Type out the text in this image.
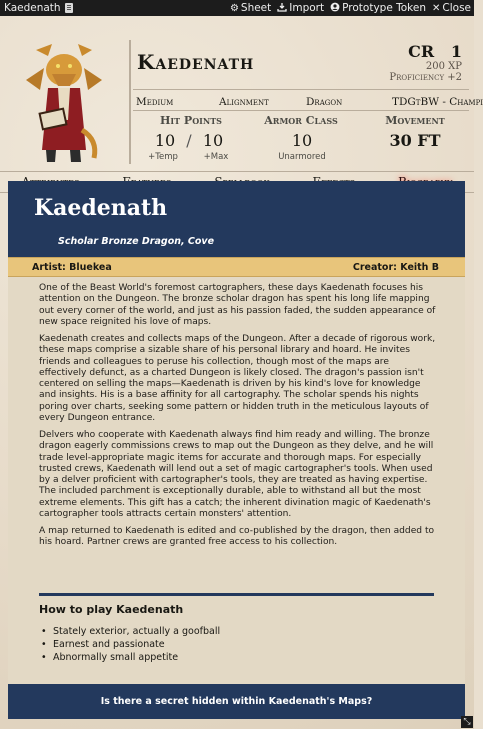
Kaedenath	⚙ Sheet Import Prototype Token ✕ Close
Kaedenath	CR 1
200 XP
Proficiency +2
Medium	Alignment	Dragon	TDGtBW - Champi
Hit Points
10 / 10
+Temp	+Max
Armor Class
10
Unarmored
Movement
30 FT
Kaedenath
Scholar Bronze Dragon, Cove
Artist: Bluekea	Creator: Keith B

One of the Beast World's foremost cartographers, these days Kaedenath focuses his attention on the Dungeon. The bronze scholar dragon has spent his long life mapping out every corner of the world, and just as his passion faded, the sudden appearance of new space reignited his love of maps.

Kaedenath creates and collects maps of the Dungeon. After a decade of rigorous work, these maps comprise a sizable share of his personal library and hoard. He invites friends and colleagues to peruse his collection, though most of the maps are effectively defunct, as a charted Dungeon is likely closed. The dragon's passion isn't centered on selling the maps—Kaedenath is driven by his kind's love for knowledge and insights. His is a base affinity for all cartography. The scholar spends his nights poring over charts, seeking some pattern or hidden truth in the meticulous layouts of every Dungeon entrance.

Delvers who cooperate with Kaedenath always find him ready and willing. The bronze dragon eagerly commissions crews to map out the Dungeon as they delve, and he will trade level-appropriate magic items for accurate and thorough maps. For especially trusted crews, Kaedenath will lend out a set of magic cartographer's tools. When used by a delver proficient with cartographer's tools, they are treated as having expertise. The included parchment is exceptionally durable, able to withstand all but the most extreme elements. This gift has a catch; the inherent divination magic of Kaedenath's cartographer tools attracts certain monsters' attention.

A map returned to Kaedenath is edited and co-published by the dragon, then added to his hoard. Partner crews are granted free access to his collection.

How to play Kaedenath
• Stately exterior, actually a goofball
• Earnest and passionate
• Abnormally small appetite
Is there a secret hidden within Kaedenath's Maps?
⤡
